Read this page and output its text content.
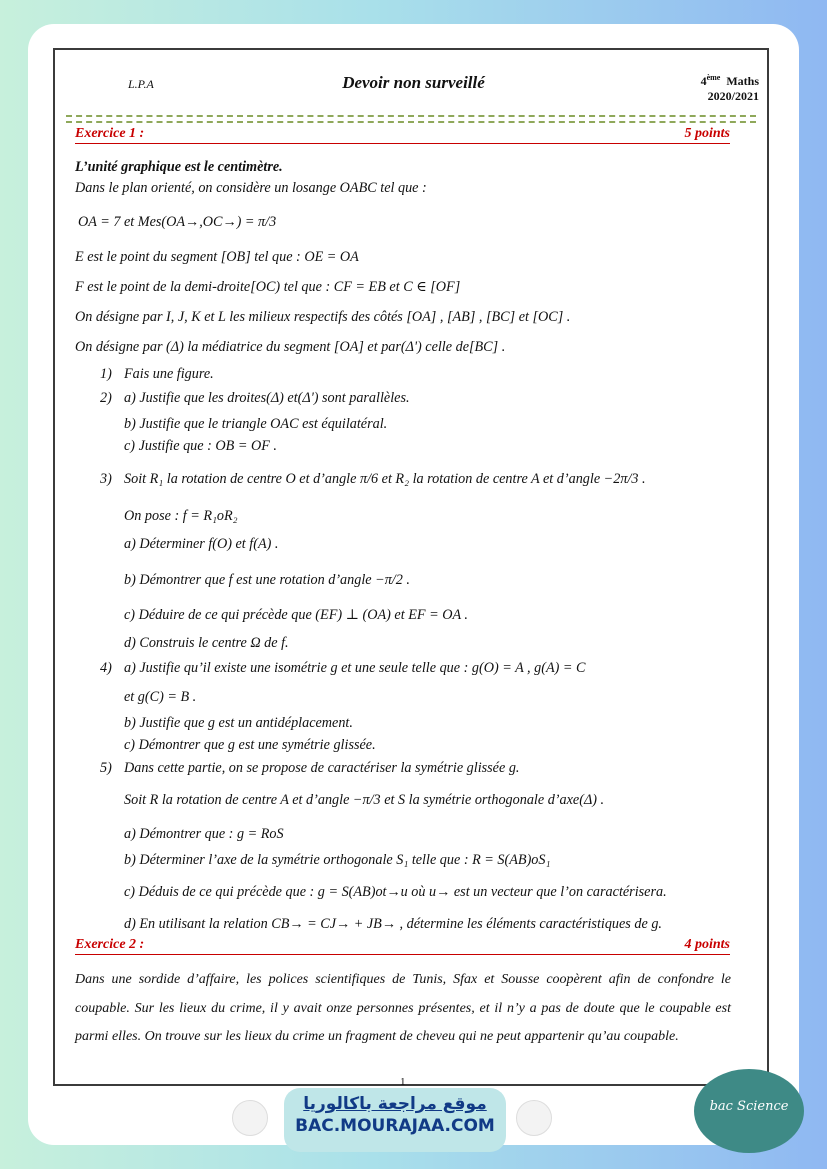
L.P.A	Devoir non surveillé	4ème Maths
2020/2021
Exercice 1 :	5 points
L’unité graphique est le centimètre.
Dans le plan orienté, on considère un losange OABC tel que :
OA = 7 et Mes(OA→,OC→) = π/3
E est le point du segment [OB] tel que : OE = OA
F est le point de la demi-droite[OC) tel que : CF = EB et C ∈ [OF]
On désigne par I, J, K et L les milieux respectifs des côtés [OA] , [AB] , [BC] et [OC] .
On désigne par (Δ) la médiatrice du segment [OA] et par(Δ') celle de[BC] .
1) Fais une figure.
2) a) Justifie que les droites(Δ) et(Δ') sont parallèles.
b) Justifie que le triangle OAC est équilatéral.
c) Justifie que : OB = OF .
3) Soit R₁ la rotation de centre O et d’angle π/6 et R₂ la rotation de centre A et d’angle −2π/3 .
On pose : f = R₁oR₂
a) Déterminer f(O) et f(A) .
b) Démontrer que f est une rotation d’angle −π/2 .
c) Déduire de ce qui précède que (EF) ⊥ (OA) et EF = OA .
d) Construis le centre Ω de f.
4) a) Justifie qu’il existe une isométrie g et une seule telle que : g(O) = A , g(A) = C
et g(C) = B .
b) Justifie que g est un antidéplacement.
c) Démontrer que g est une symétrie glissée.
5) Dans cette partie, on se propose de caractériser la symétrie glissée g.
Soit R la rotation de centre A et d’angle −π/3 et S la symétrie orthogonale d’axe(Δ) .
a) Démontrer que : g = RoS
b) Déterminer l’axe de la symétrie orthogonale S₁ telle que : R = S(AB)oS₁
c) Déduis de ce qui précède que : g = S(AB)ot→u où u→ est un vecteur que l’on caractérisera.
d) En utilisant la relation CB→ = CJ→ + JB→ , détermine les éléments caractéristiques de g.
Exercice 2 :	4 points
Dans une sordide d’affaire, les polices scientifiques de Tunis, Sfax et Sousse coopèrent afin de confondre le coupable. Sur les lieux du crime, il y avait onze personnes présentes, et il n’y a pas de doute que le coupable est parmi elles. On trouve sur les lieux du crime un fragment de cheveu qui ne peut appartenir qu’au coupable.
1
موقع مراجعة باكالوريا
BAC.MOURAJAA.COM
bac Science
